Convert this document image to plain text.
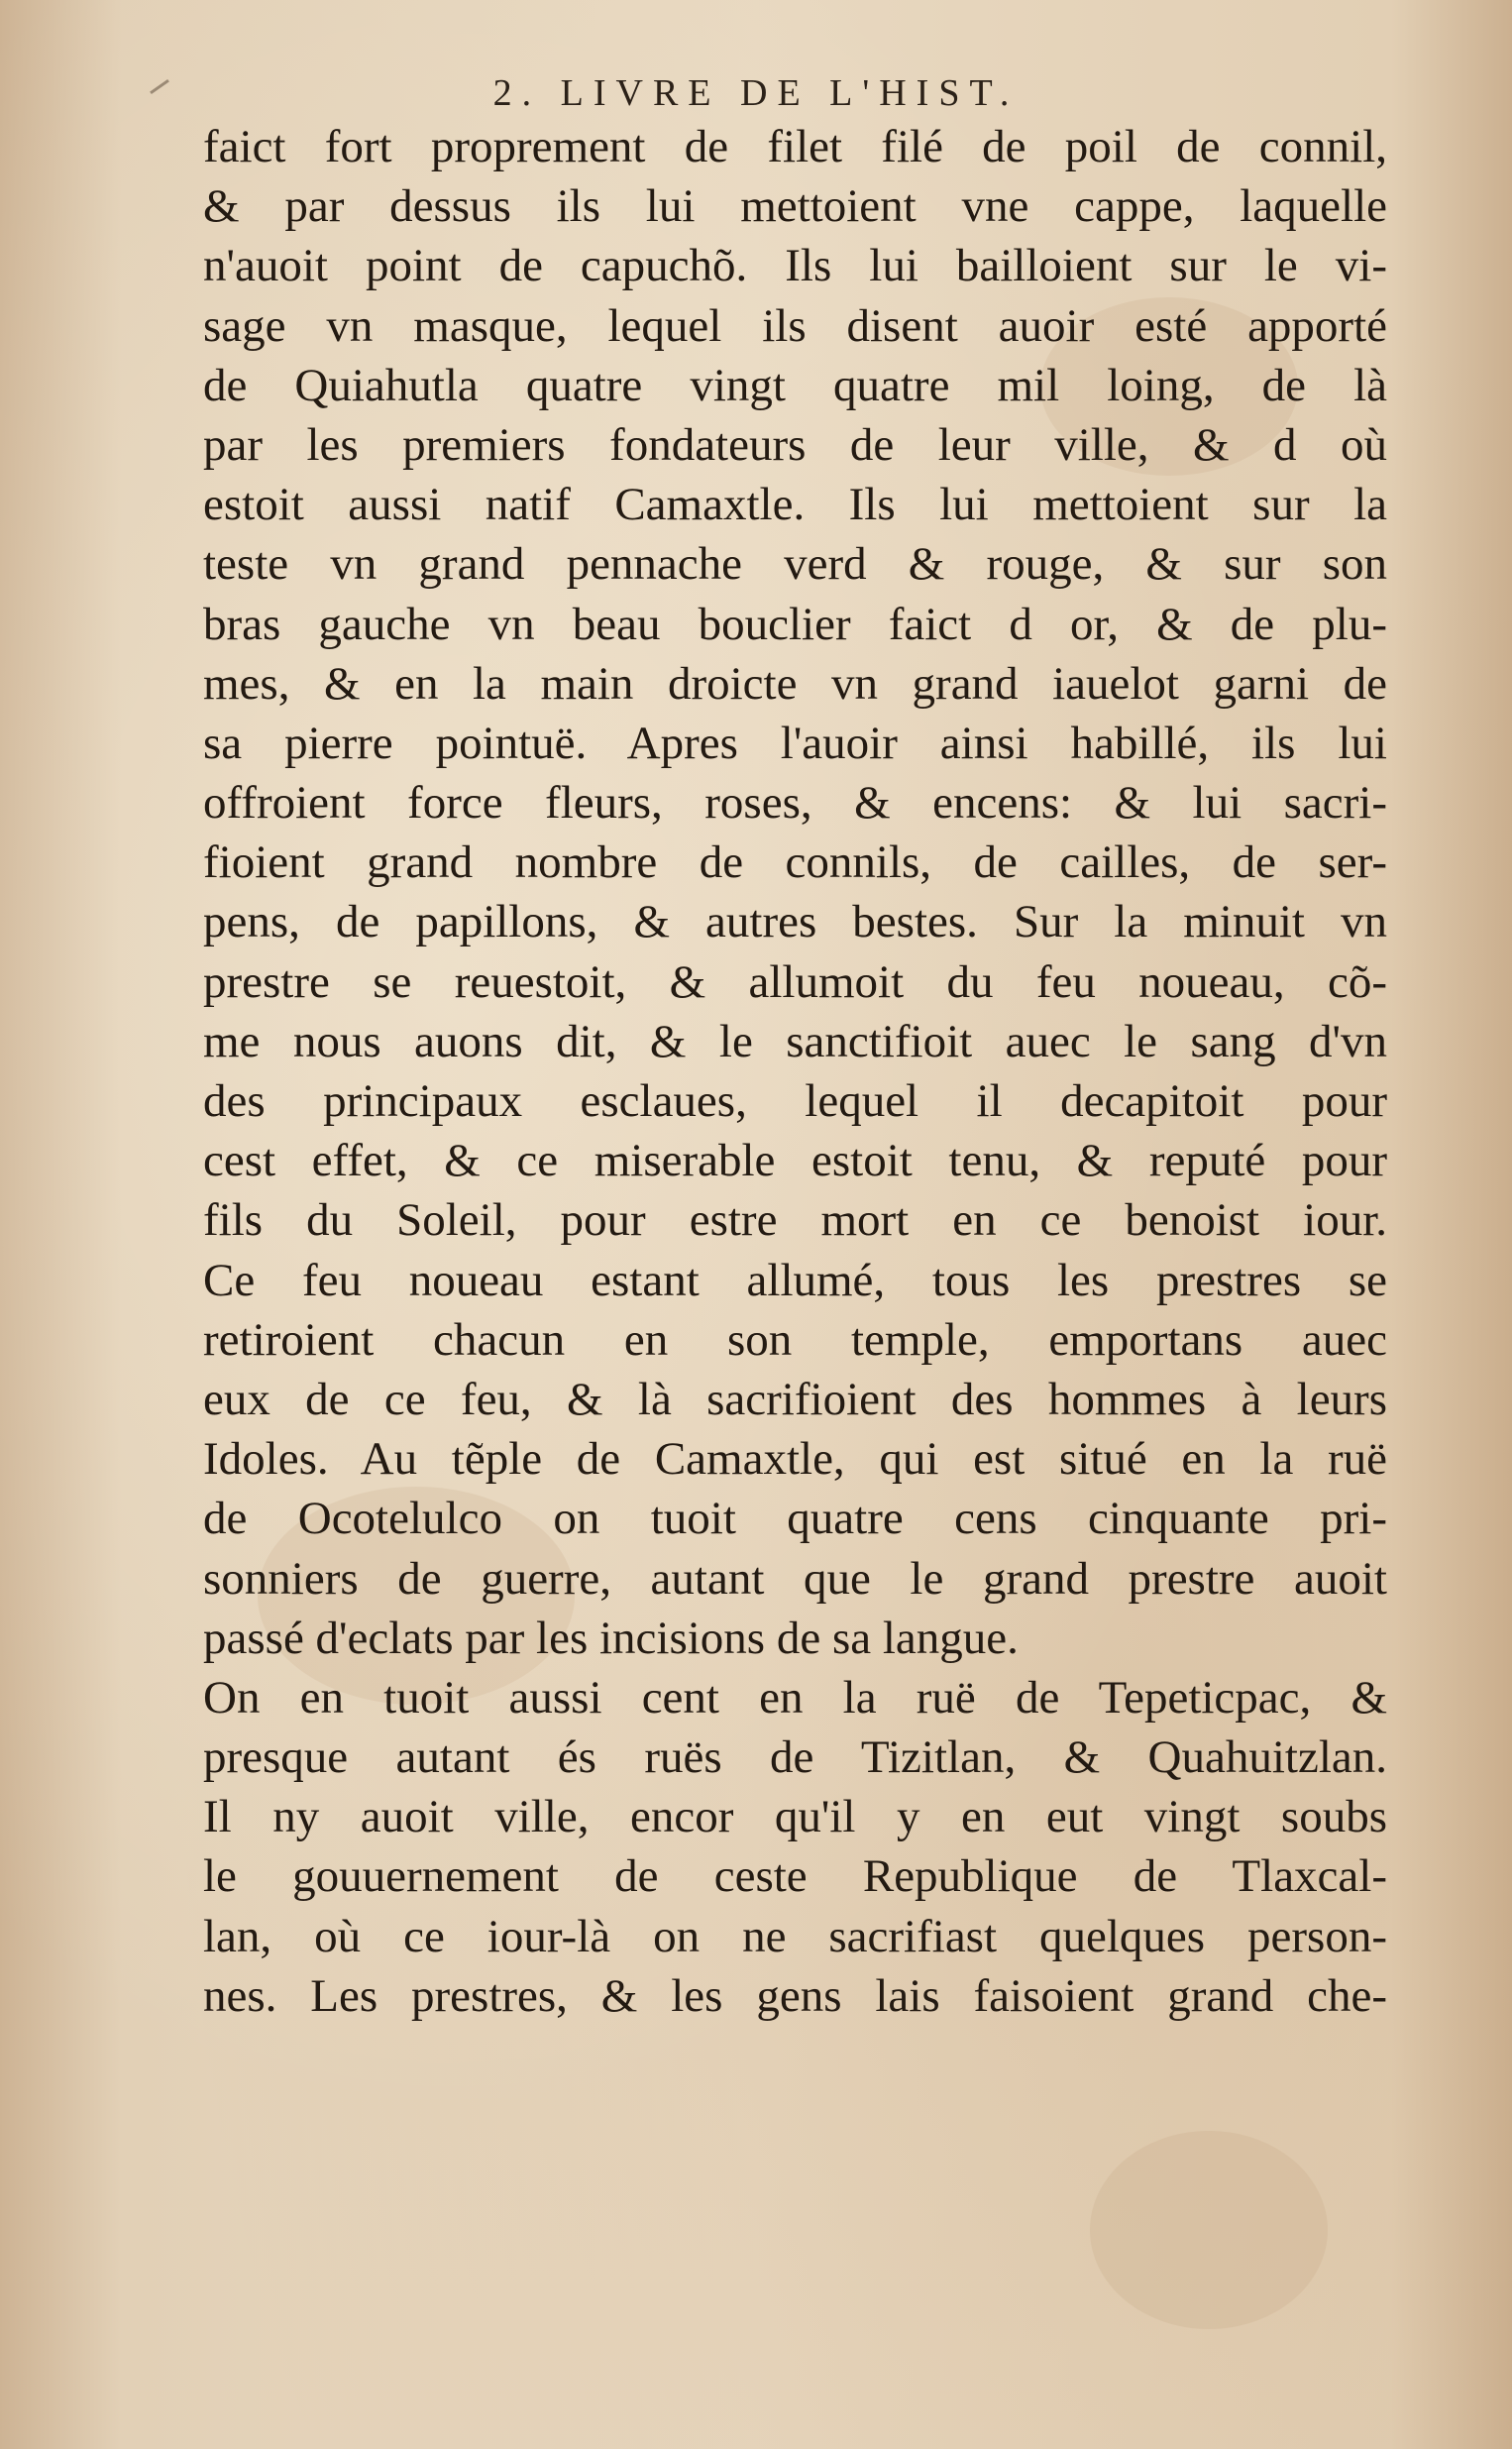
2. LIVRE DE L'HIST.
faict fort proprement de filet filé de poil de connil,
& par dessus ils lui mettoient vne cappe, laquelle
n'auoit point de capuchõ. Ils lui bailloient sur le vi-
sage vn masque, lequel ils disent auoir esté apporté
de Quiahutla quatre vingt quatre mil loing, de là
par les premiers fondateurs de leur ville, & d où
estoit aussi natif Camaxtle. Ils lui mettoient sur la
teste vn grand pennache verd & rouge, & sur son
bras gauche vn beau bouclier faict d or, & de plu-
mes, & en la main droicte vn grand iauelot garni de
sa pierre pointuë. Apres l'auoir ainsi habillé, ils lui
offroient force fleurs, roses, & encens: & lui sacri-
fioient grand nombre de connils, de cailles, de ser-
pens, de papillons, & autres bestes. Sur la minuit vn
prestre se reuestoit, & allumoit du feu noueau, cõ-
me nous auons dit, & le sanctifioit auec le sang d'vn
des principaux esclaues, lequel il decapitoit pour
cest effet, & ce miserable estoit tenu, & reputé pour
fils du Soleil, pour estre mort en ce benoist iour.
Ce feu noueau estant allumé, tous les prestres se
retiroient chacun en son temple, emportans auec
eux de ce feu, & là sacrifioient des hommes à leurs
Idoles. Au tẽple de Camaxtle, qui est situé en la ruë
de Ocotelulco on tuoit quatre cens cinquante pri-
sonniers de guerre, autant que le grand prestre auoit
passé d'eclats par les incisions de sa langue.
On en tuoit aussi cent en la ruë de Tepeticpac, &
presque autant és ruës de Tizitlan, & Quahuitzlan.
Il ny auoit ville, encor qu'il y en eut vingt soubs
le gouuernement de ceste Republique de Tlaxcal-
lan, où ce iour-là on ne sacrifiast quelques person-
nes. Les prestres, & les gens lais faisoient grand che-
